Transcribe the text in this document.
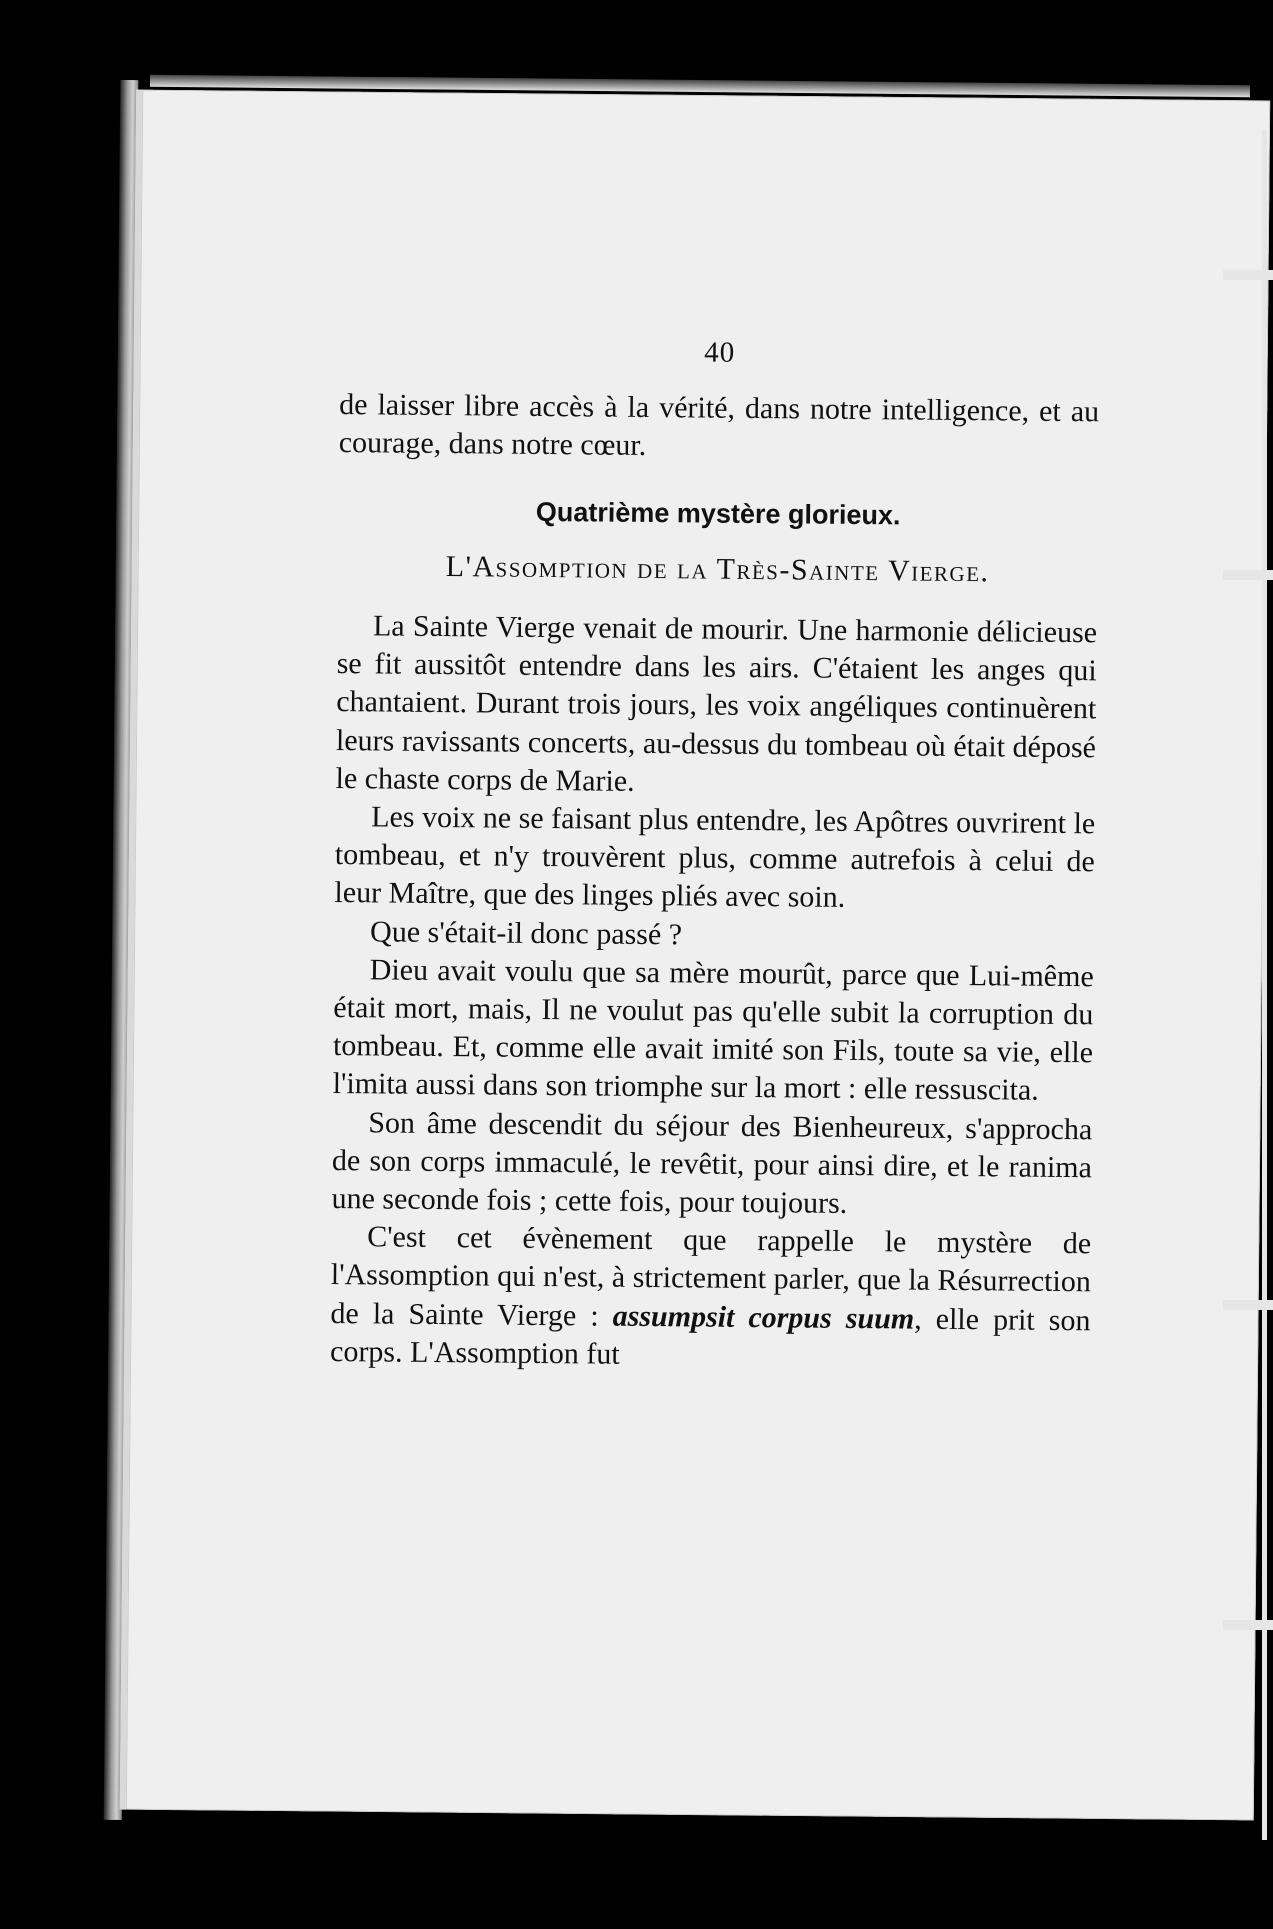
40

de laisser libre accès à la vérité, dans notre intelligence, et au courage, dans notre cœur.

Quatrième mystère glorieux.
L'Assomption de la Très-Sainte Vierge.

La Sainte Vierge venait de mourir. Une harmonie délicieuse se fit aussitôt entendre dans les airs. C'étaient les anges qui chantaient. Durant trois jours, les voix angéliques continuèrent leurs ravissants concerts, au-dessus du tombeau où était déposé le chaste corps de Marie.

Les voix ne se faisant plus entendre, les Apôtres ouvrirent le tombeau, et n'y trouvèrent plus, comme autrefois à celui de leur Maître, que des linges pliés avec soin.

Que s'était-il donc passé ?

Dieu avait voulu que sa mère mourût, parce que Lui-même était mort, mais, Il ne voulut pas qu'elle subit la corruption du tombeau. Et, comme elle avait imité son Fils, toute sa vie, elle l'imita aussi dans son triomphe sur la mort : elle ressuscita.

Son âme descendit du séjour des Bienheureux, s'approcha de son corps immaculé, le revêtit, pour ainsi dire, et le ranima une seconde fois ; cette fois, pour toujours.

C'est cet évènement que rappelle le mystère de l'Assomption qui n'est, à strictement parler, que la Résurrection de la Sainte Vierge : assumpsit corpus suum, elle prit son corps. L'Assomption fut
